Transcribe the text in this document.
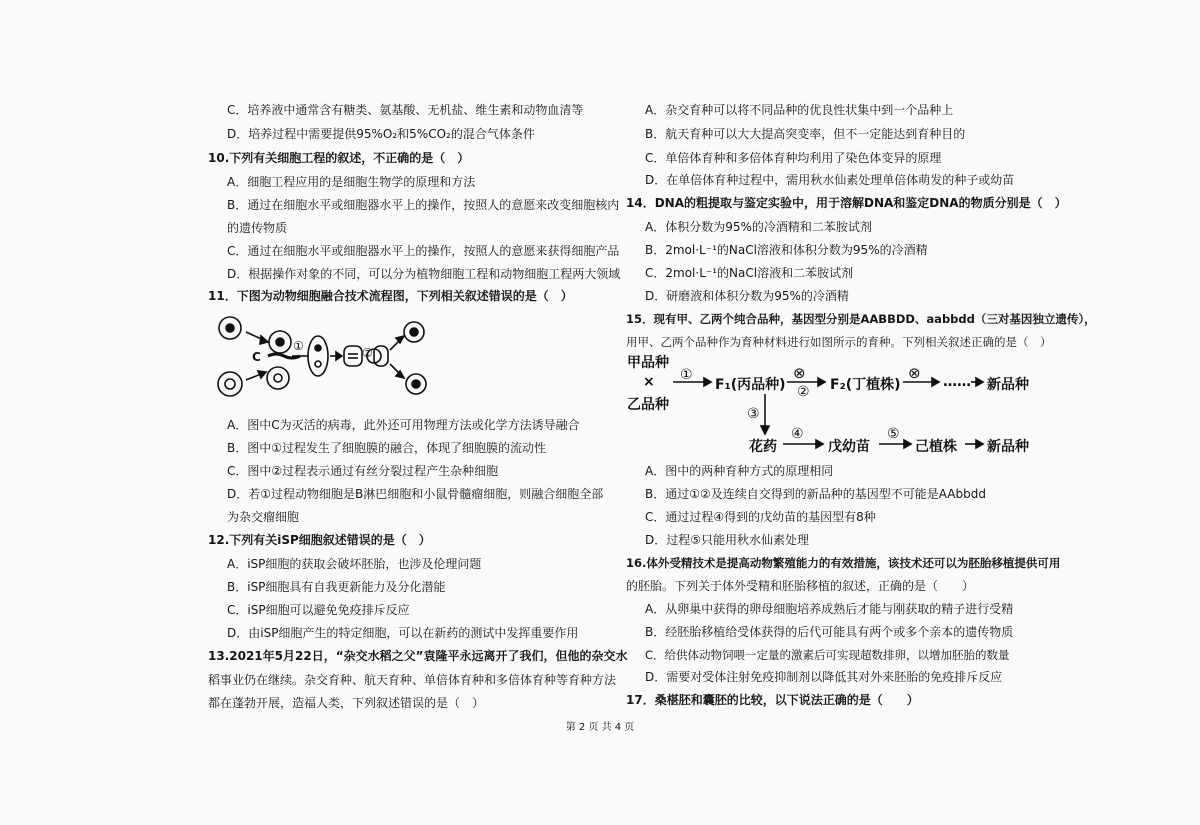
C．培养液中通常含有糖类、氨基酸、无机盐、维生素和动物血清等
D．培养过程中需要提供95%O₂和5%CO₂的混合气体条件
10.下列有关细胞工程的叙述，不正确的是（　）
A．细胞工程应用的是细胞生物学的原理和方法
B．通过在细胞水平或细胞器水平上的操作，按照人的意愿来改变细胞核内
的遗传物质
C．通过在细胞水平或细胞器水平上的操作，按照人的意愿来获得细胞产品
D．根据操作对象的不同，可以分为植物细胞工程和动物细胞工程两大领域
11．下图为动物细胞融合技术流程图，下列相关叙述错误的是（　）
C
①	②
A．图中C为灭活的病毒，此外还可用物理方法或化学方法诱导融合
B．图中①过程发生了细胞膜的融合，体现了细胞膜的流动性
C．图中②过程表示通过有丝分裂过程产生杂种细胞
D．若①过程动物细胞是B淋巴细胞和小鼠骨髓瘤细胞，则融合细胞全部
为杂交瘤细胞
12.下列有关iSP细胞叙述错误的是（　）
A．iSP细胞的获取会破坏胚胎，也涉及伦理问题
B．iSP细胞具有自我更新能力及分化潜能
C．iSP细胞可以避免免疫排斥反应
D．由iSP细胞产生的特定细胞，可以在新药的测试中发挥重要作用
13.2021年5月22日，“杂交水稻之父”袁隆平永远离开了我们，但他的杂交水
稻事业仍在继续。杂交育种、航天育种、单倍体育种和多倍体育种等育种方法
都在蓬勃开展，造福人类，下列叙述错误的是（　）
A．杂交育种可以将不同品种的优良性状集中到一个品种上
B．航天育种可以大大提高突变率，但不一定能达到育种目的
C．单倍体育种和多倍体育种均利用了染色体变异的原理
D．在单倍体育种过程中，需用秋水仙素处理单倍体萌发的种子或幼苗
14．DNA的粗提取与鉴定实验中，用于溶解DNA和鉴定DNA的物质分别是（　）
A．体积分数为95%的冷酒精和二苯胺试剂
B．2mol·L⁻¹的NaCl溶液和体积分数为95%的冷酒精
C．2mol·L⁻¹的NaCl溶液和二苯胺试剂
D．研磨液和体积分数为95%的冷酒精
15．现有甲、乙两个纯合品种，基因型分别是AABBDD、aabbdd（三对基因独立遗传），
用甲、乙两个品种作为育种材料进行如图所示的育种。下列相关叙述正确的是（　）
A．图中的两种育种方式的原理相同
B．通过①②及连续自交得到的新品种的基因型不可能是AAbbdd
C．通过过程④得到的戊幼苗的基因型有8种
D．过程⑤只能用秋水仙素处理
16.体外受精技术是提高动物繁殖能力的有效措施，该技术还可以为胚胎移植提供可用
的胚胎。下列关于体外受精和胚胎移植的叙述，正确的是（　　）
A．从卵巢中获得的卵母细胞培养成熟后才能与刚获取的精子进行受精
B．经胚胎移植给受体获得的后代可能具有两个或多个亲本的遗传物质
C．给供体动物饲喂一定量的激素后可实现超数排卵，以增加胚胎的数量
D．需要对受体注射免疫抑制剂以降低其对外来胚胎的免疫排斥反应
17．桑椹胚和囊胚的比较，以下说法正确的是（　　）
甲品种
×
乙品种
①
F₁(丙品种)
⊗
② F₂(丁植株)
⊗ …… 新品种
③
花药
④
戊幼苗
⑤
己植株 新品种
第 2 页 共 4 页
